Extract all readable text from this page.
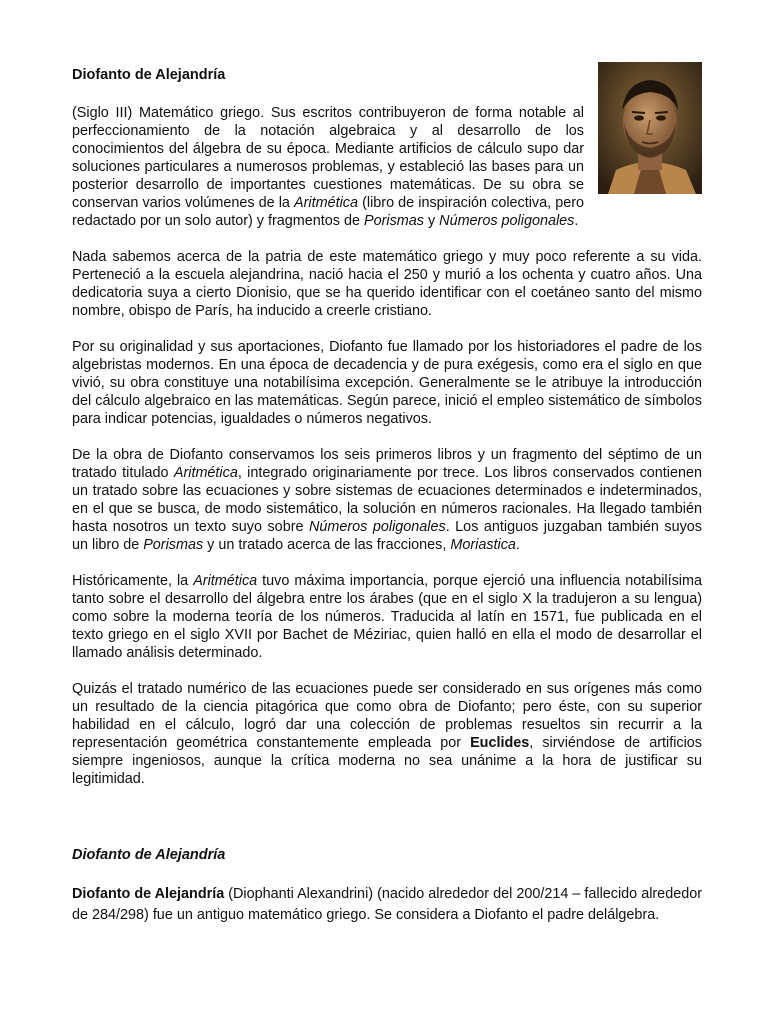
Diofanto de Alejandría

(Siglo III) Matemático griego. Sus escritos contribuyeron de forma notable al perfeccionamiento de la notación algebraica y al desarrollo de los conocimientos del álgebra de su época. Mediante artificios de cálculo supo dar soluciones particulares a numerosos problemas, y estableció las bases para un posterior desarrollo de importantes cuestiones matemáticas. De su obra se conservan varios volúmenes de la Aritmética (libro de inspiración colectiva, pero redactado por un solo autor) y fragmentos de Porismas y Números poligonales.

Nada sabemos acerca de la patria de este matemático griego y muy poco referente a su vida. Perteneció a la escuela alejandrina, nació hacia el 250 y murió a los ochenta y cuatro años. Una dedicatoria suya a cierto Dionisio, que se ha querido identificar con el coetáneo santo del mismo nombre, obispo de París, ha inducido a creerle cristiano.

Por su originalidad y sus aportaciones, Diofanto fue llamado por los historiadores el padre de los algebristas modernos. En una época de decadencia y de pura exégesis, como era el siglo en que vivió, su obra constituye una notabilísima excepción. Generalmente se le atribuye la introducción del cálculo algebraico en las matemáticas. Según parece, inició el empleo sistemático de símbolos para indicar potencias, igualdades o números negativos.

De la obra de Diofanto conservamos los seis primeros libros y un fragmento del séptimo de un tratado titulado Aritmética, integrado originariamente por trece. Los libros conservados contienen un tratado sobre las ecuaciones y sobre sistemas de ecuaciones determinados e indeterminados, en el que se busca, de modo sistemático, la solución en números racionales. Ha llegado también hasta nosotros un texto suyo sobre Números poligonales. Los antiguos juzgaban también suyos un libro de Porismas y un tratado acerca de las fracciones, Moriastica.

Históricamente, la Aritmética tuvo máxima importancia, porque ejerció una influencia notabilísima tanto sobre el desarrollo del álgebra entre los árabes (que en el siglo X la tradujeron a su lengua) como sobre la moderna teoría de los números. Traducida al latín en 1571, fue publicada en el texto griego en el siglo XVII por Bachet de Méziriac, quien halló en ella el modo de desarrollar el llamado análisis determinado.

Quizás el tratado numérico de las ecuaciones puede ser considerado en sus orígenes más como un resultado de la ciencia pitagórica que como obra de Diofanto; pero éste, con su superior habilidad en el cálculo, logró dar una colección de problemas resueltos sin recurrir a la representación geométrica constantemente empleada por Euclides, sirviéndose de artificios siempre ingeniosos, aunque la crítica moderna no sea unánime a la hora de justificar su legitimidad.

Diofanto de Alejandría

Diofanto de Alejandría (Diophanti Alexandrini) (nacido alrededor del 200/214 – fallecido alrededor de 284/298) fue un antiguo matemático griego. Se considera a Diofanto el padre delálgebra.
